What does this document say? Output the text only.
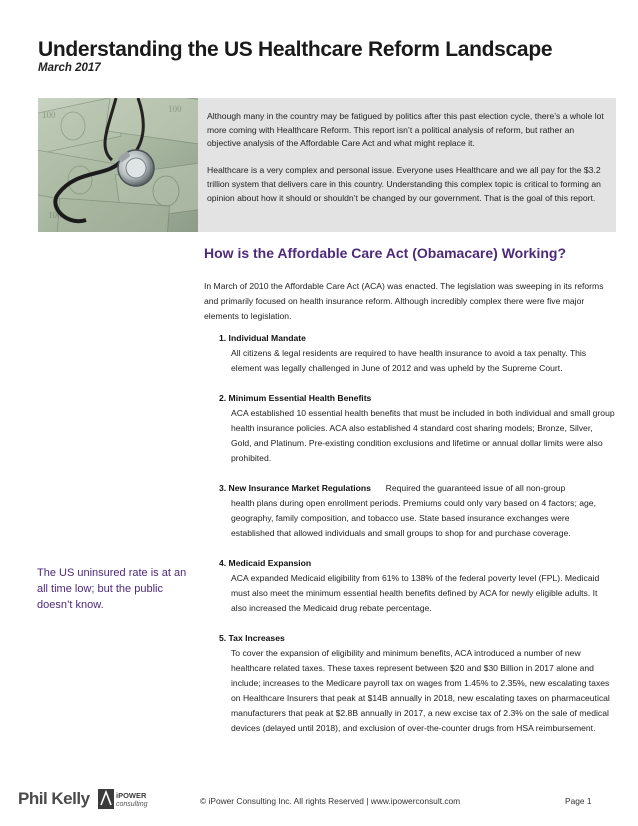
Understanding the US Healthcare Reform Landscape
March 2017
100
100
100

Although many in the country may be fatigued by politics after this past election cycle, there’s a whole lot more coming with Healthcare Reform. This report isn’t a political analysis of reform, but rather an objective analysis of the Affordable Care Act and what might replace it.

Healthcare is a very complex and personal issue. Everyone uses Healthcare and we all pay for the $3.2 trillion system that delivers care in this country. Understanding this complex topic is critical to forming an opinion about how it should or shouldn’t be changed by our government. That is the goal of this report.

How is the Affordable Care Act (Obamacare) Working?

In March of 2010 the Affordable Care Act (ACA) was enacted. The legislation was sweeping in its reforms and primarily focused on health insurance reform. Although incredibly complex there were five major elements to legislation.

1. Individual Mandate
All citizens & legal residents are required to have health insurance to avoid a tax penalty. This element was legally challenged in June of 2012 and was upheld by the Supreme Court.
2. Minimum Essential Health Benefits
ACA established 10 essential health benefits that must be included in both individual and small group health insurance policies. ACA also established 4 standard cost sharing models; Bronze, Silver, Gold, and Platinum. Pre-existing condition exclusions and lifetime or annual dollar limits were also prohibited.
3. New Insurance Market Regulations Required the guaranteed issue of all non-group
health plans during open enrollment periods. Premiums could only vary based on 4 factors; age, geography, family composition, and tobacco use. State based insurance exchanges were established that allowed individuals and small groups to shop for and purchase coverage.
4. Medicaid Expansion
ACA expanded Medicaid eligibility from 61% to 138% of the federal poverty level (FPL). Medicaid must also meet the minimum essential health benefits defined by ACA for newly eligible adults. It also increased the Medicaid drug rebate percentage.
5. Tax Increases
To cover the expansion of eligibility and minimum benefits, ACA introduced a number of new healthcare related taxes. These taxes represent between $20 and $30 Billion in 2017 alone and include; increases to the Medicare payroll tax on wages from 1.45% to 2.35%, new escalating taxes on Healthcare Insurers that peak at $14B annually in 2018, new escalating taxes on pharmaceutical manufacturers that peak at $2.8B annually in 2017, a new excise tax of 2.3% on the sale of medical devices (delayed until 2018), and exclusion of over-the-counter drugs from HSA reimbursement.

The US uninsured rate is at an all time low; but the public doesn’t know.

Phil Kelly	iPOWER
consulting	© iPower Consulting Inc. All rights Reserved | www.ipowerconsult.com	Page 1
